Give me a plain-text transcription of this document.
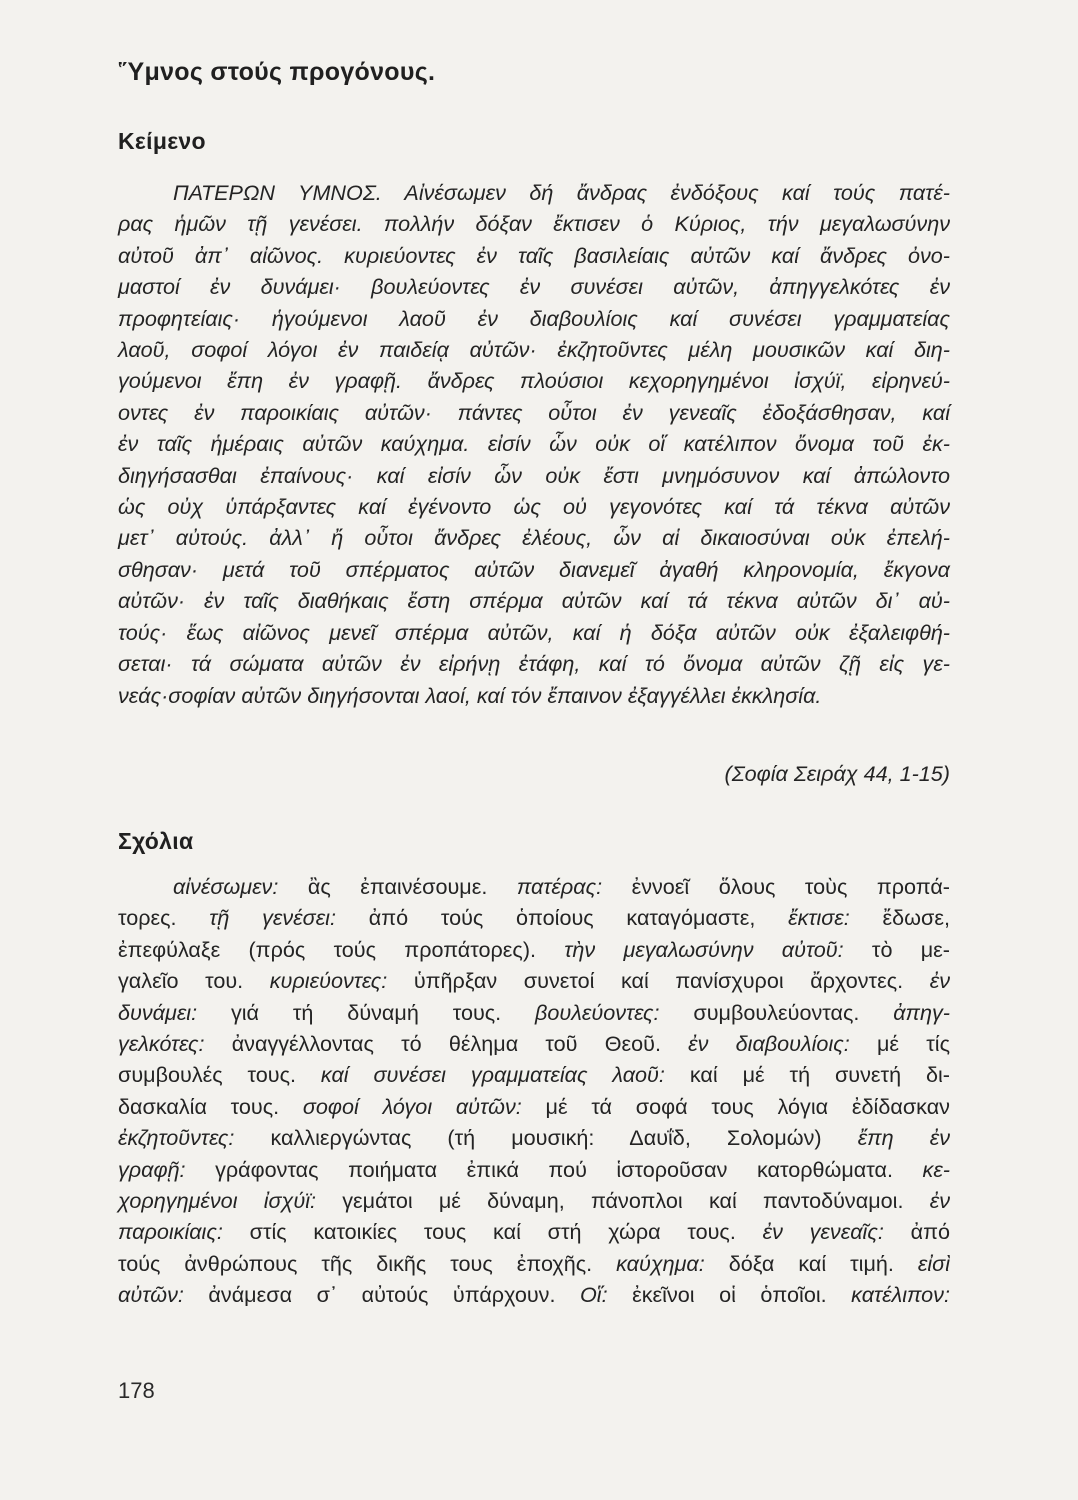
Ὕμνος στούς προγόνους.
Κείμενο

ΠΑΤΕΡΩΝ ΥΜΝΟΣ. Αἰνέσωμεν δή ἄνδρας ἐνδόξους καί τούς πατέ-

ρας ἡμῶν τῇ γενέσει. πολλήν δόξαν ἔκτισεν ὁ Κύριος, τήν μεγαλωσύνην

αὐτοῦ ἀπ᾽ αἰῶνος. κυριεύοντες ἐν ταῖς βασιλείαις αὐτῶν καί ἄνδρες ὀνο-

μαστοί ἐν δυνάμει· βουλεύοντες ἐν συνέσει αὐτῶν, ἀπηγγελκότες ἐν

προφητείαις· ἡγούμενοι λαοῦ ἐν διαβουλίοις καί συνέσει γραμματείας

λαοῦ, σοφοί λόγοι ἐν παιδείᾳ αὐτῶν· ἐκζητοῦντες μέλη μουσικῶν καί διη-

γούμενοι ἔπη ἐν γραφῇ. ἄνδρες πλούσιοι κεχορηγημένοι ἰσχύϊ, εἰρηνεύ-

οντες ἐν παροικίαις αὐτῶν· πάντες οὗτοι ἐν γενεαῖς ἐδοξάσθησαν, καί

ἐν ταῖς ἡμέραις αὐτῶν καύχημα. εἰσίν ὧν οὐκ οἵ κατέλιπον ὄνομα τοῦ ἐκ-

διηγήσασθαι ἐπαίνους· καί εἰσίν ὧν οὐκ ἔστι μνημόσυνον καί ἀπώλοντο

ὡς οὐχ ὑπάρξαντες καί ἐγένοντο ὡς οὐ γεγονότες καί τά τέκνα αὐτῶν

μετ᾽ αὐτούς. ἀλλ᾽ ἤ οὗτοι ἄνδρες ἐλέους, ὧν αἱ δικαιοσύναι οὐκ ἐπελή-

σθησαν· μετά τοῦ σπέρματος αὐτῶν διανεμεῖ ἀγαθή κληρονομία, ἔκγονα

αὐτῶν· ἐν ταῖς διαθήκαις ἔστη σπέρμα αὐτῶν καί τά τέκνα αὐτῶν δι᾽ αὐ-

τούς· ἕως αἰῶνος μενεῖ σπέρμα αὐτῶν, καί ἡ δόξα αὐτῶν οὐκ ἐξαλειφθή-

σεται· τά σώματα αὐτῶν ἐν εἰρήνῃ ἐτάφη, καί τό ὄνομα αὐτῶν ζῇ εἰς γε-

νεάς·σοφίαν αὐτῶν διηγήσονται λαοί, καί τόν ἔπαινον ἐξαγγέλλει ἐκκλησία.

(Σοφία Σειράχ 44, 1-15)
Σχόλια

αἰνέσωμεν: ἂς ἐπαινέσουμε. πατέρας: ἐννοεῖ ὅλους τοὺς προπά-

τορες. τῇ γενέσει: ἀπό τούς ὁποίους καταγόμαστε, ἔκτισε: ἔδωσε,

ἐπεφύλαξε (πρός τούς προπάτορες). τὴν μεγαλωσύνην αὐτοῦ: τὸ με-

γαλεῖο του. κυριεύοντες: ὑπῆρξαν συνετοί καί πανίσχυροι ἄρχοντες. ἐν

δυνάμει: γιά τή δύναμή τους. βουλεύοντες: συμβουλεύοντας. ἀπηγ-

γελκότες: ἀναγγέλλοντας τό θέλημα τοῦ Θεοῦ. ἐν διαβουλίοις: μέ τίς

συμβουλές τους. καί συνέσει γραμματείας λαοῦ: καί μέ τή συνετή δι-

δασκαλία τους. σοφοί λόγοι αὐτῶν: μέ τά σοφά τους λόγια ἐδίδασκαν

ἐκζητοῦντες: καλλιεργώντας (τή μουσική: Δαυΐδ, Σολομών) ἔπη ἐν

γραφῇ: γράφοντας ποιήματα ἐπικά πού ἱστοροῦσαν κατορθώματα. κε-

χορηγημένοι ἰσχύϊ: γεμάτοι μέ δύναμη, πάνοπλοι καί παντοδύναμοι. ἐν

παροικίαις: στίς κατοικίες τους καί στή χώρα τους. ἐν γενεαῖς: ἀπό

τούς ἀνθρώπους τῆς δικῆς τους ἐποχῆς. καύχημα: δόξα καί τιμή. εἰσὶ

αὐτῶν: ἀνάμεσα σ᾽ αὐτούς ὑπάρχουν. Οἵ: ἐκεῖνοι οἱ ὁποῖοι. κατέλιπον:

178
